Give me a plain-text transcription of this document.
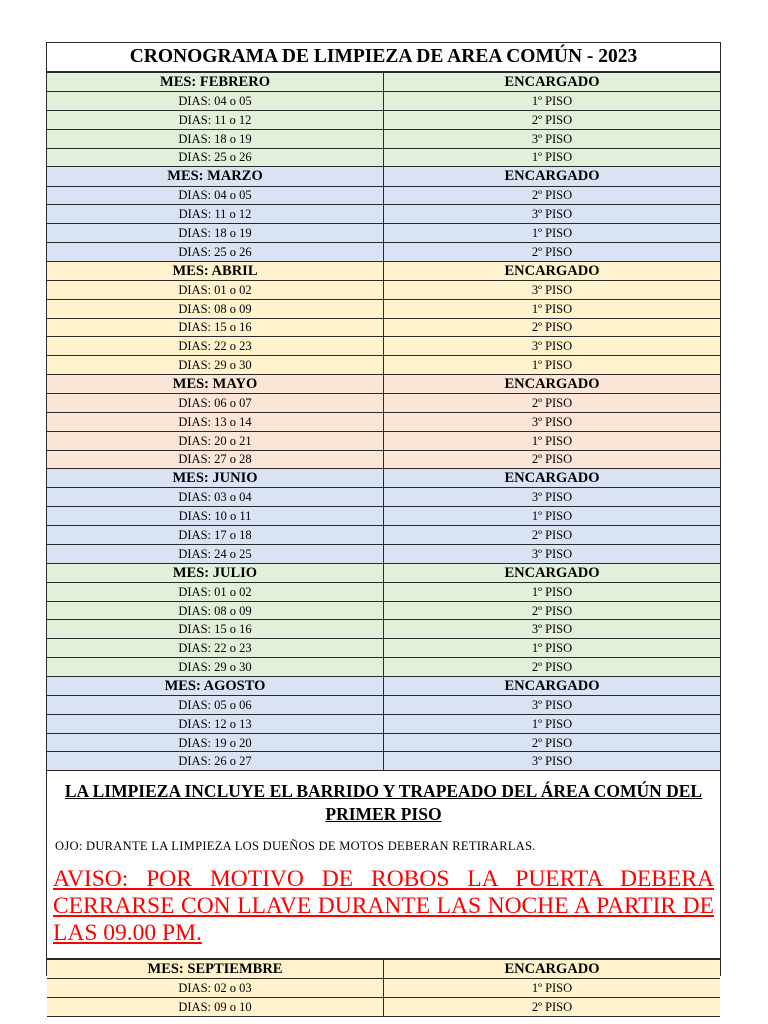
CRONOGRAMA DE LIMPIEZA DE AREA COMÚN - 2023
MES: FEBRERO	ENCARGADO
DIAS: 04 o 05	1º PISO
DIAS: 11 o 12	2º PISO
DIAS: 18 o 19	3º PISO
DIAS: 25 o 26	1º PISO
MES: MARZO	ENCARGADO
DIAS: 04 o 05	2º PISO
DIAS: 11 o 12	3º PISO
DIAS: 18 o 19	1º PISO
DIAS: 25 o 26	2º PISO
MES: ABRIL	ENCARGADO
DIAS: 01 o 02	3º PISO
DIAS: 08 o 09	1º PISO
DIAS: 15 o 16	2º PISO
DIAS: 22 o 23	3º PISO
DIAS: 29 o 30	1º PISO
MES: MAYO	ENCARGADO
DIAS: 06 o 07	2º PISO
DIAS: 13 o 14	3º PISO
DIAS: 20 o 21	1º PISO
DIAS: 27 o 28	2º PISO
MES: JUNIO	ENCARGADO
DIAS: 03 o 04	3º PISO
DIAS: 10 o 11	1º PISO
DIAS: 17 o 18	2º PISO
DIAS: 24 o 25	3º PISO
MES: JULIO	ENCARGADO
DIAS: 01 o 02	1º PISO
DIAS: 08 o 09	2º PISO
DIAS: 15 o 16	3º PISO
DIAS: 22 o 23	1º PISO
DIAS: 29 o 30	2º PISO
MES: AGOSTO	ENCARGADO
DIAS: 05 o 06	3º PISO
DIAS: 12 o 13	1º PISO
DIAS: 19 o 20	2º PISO
DIAS: 26 o 27	3º PISO
LA LIMPIEZA INCLUYE EL BARRIDO Y TRAPEADO DEL ÁREA COMÚN DEL PRIMER PISO
OJO: DURANTE LA LIMPIEZA LOS DUEÑOS DE MOTOS DEBERAN RETIRARLAS.
AVISO: POR MOTIVO DE ROBOS LA PUERTA DEBERA CERRARSE CON LLAVE DURANTE LAS NOCHE A PARTIR DE LAS 09.00 PM.
MES: SEPTIEMBRE	ENCARGADO
DIAS: 02 o 03	1º PISO
DIAS: 09 o 10	2º PISO
